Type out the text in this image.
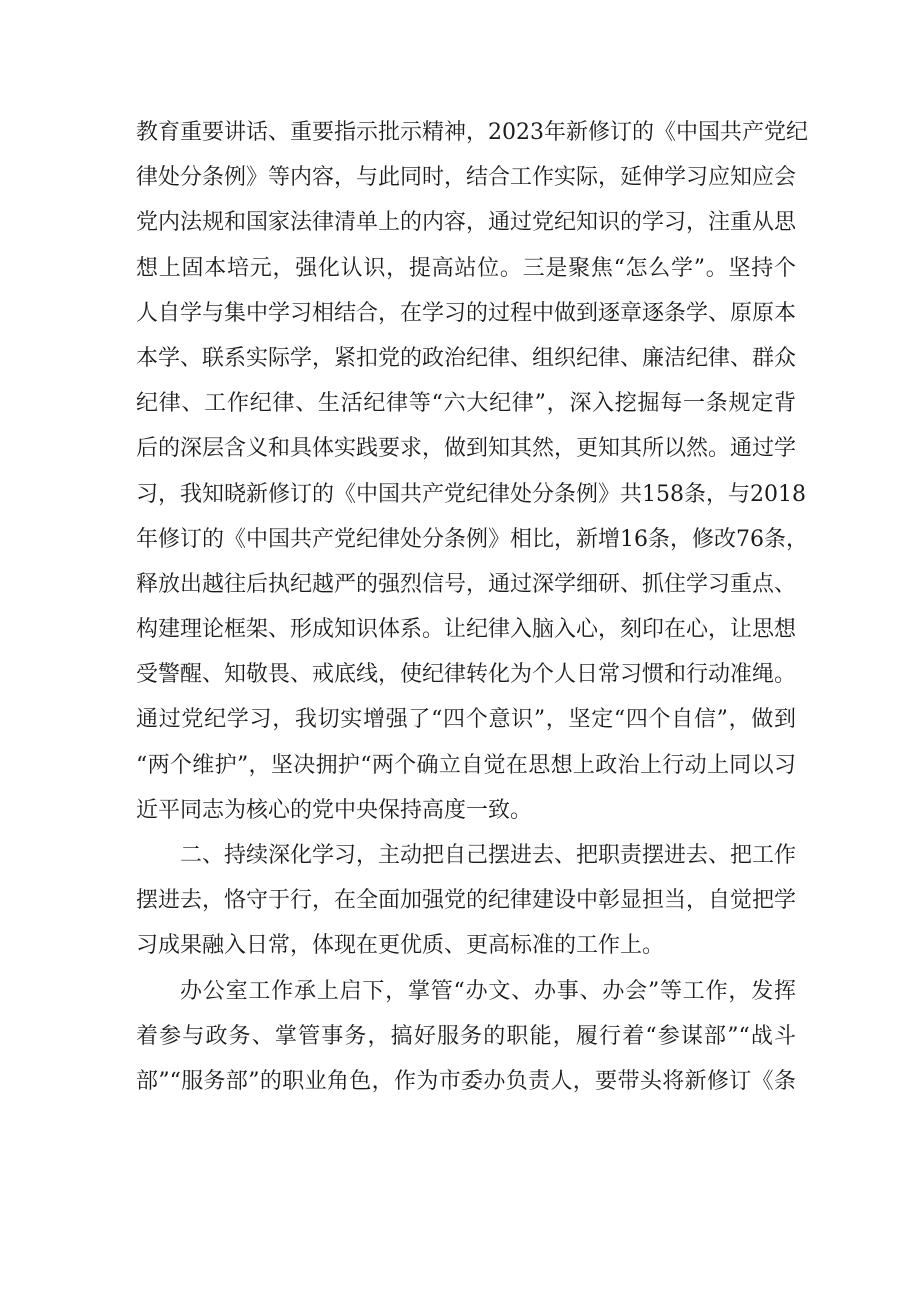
教育重要讲话、重要指示批示精神，2023年新修订的《中国共产党纪
律处分条例》等内容，与此同时，结合工作实际，延伸学习应知应会
党内法规和国家法律清单上的内容，通过党纪知识的学习，注重从思
想上固本培元，强化认识，提高站位。三是聚焦“怎么学”。坚持个
人自学与集中学习相结合，在学习的过程中做到逐章逐条学、原原本
本学、联系实际学，紧扣党的政治纪律、组织纪律、廉洁纪律、群众
纪律、工作纪律、生活纪律等“六大纪律”，深入挖掘每一条规定背
后的深层含义和具体实践要求，做到知其然，更知其所以然。通过学
习，我知晓新修订的《中国共产党纪律处分条例》共158条，与2018
年修订的《中国共产党纪律处分条例》相比，新增16条，修改76条，
释放出越往后执纪越严的强烈信号，通过深学细研、抓住学习重点、
构建理论框架、形成知识体系。让纪律入脑入心，刻印在心，让思想
受警醒、知敬畏、戒底线，使纪律转化为个人日常习惯和行动准绳。
通过党纪学习，我切实增强了“四个意识”，坚定“四个自信”，做到
“两个维护”，坚决拥护“两个确立自觉在思想上政治上行动上同以习
近平同志为核心的党中央保持高度一致。
二、持续深化学习，主动把自己摆进去、把职责摆进去、把工作
摆进去，恪守于行，在全面加强党的纪律建设中彰显担当，自觉把学
习成果融入日常，体现在更优质、更高标准的工作上。
办公室工作承上启下，掌管“办文、办事、办会”等工作，发挥
着参与政务、掌管事务，搞好服务的职能，履行着“参谋部”“战斗
部”“服务部”的职业角色，作为市委办负责人，要带头将新修订《条
